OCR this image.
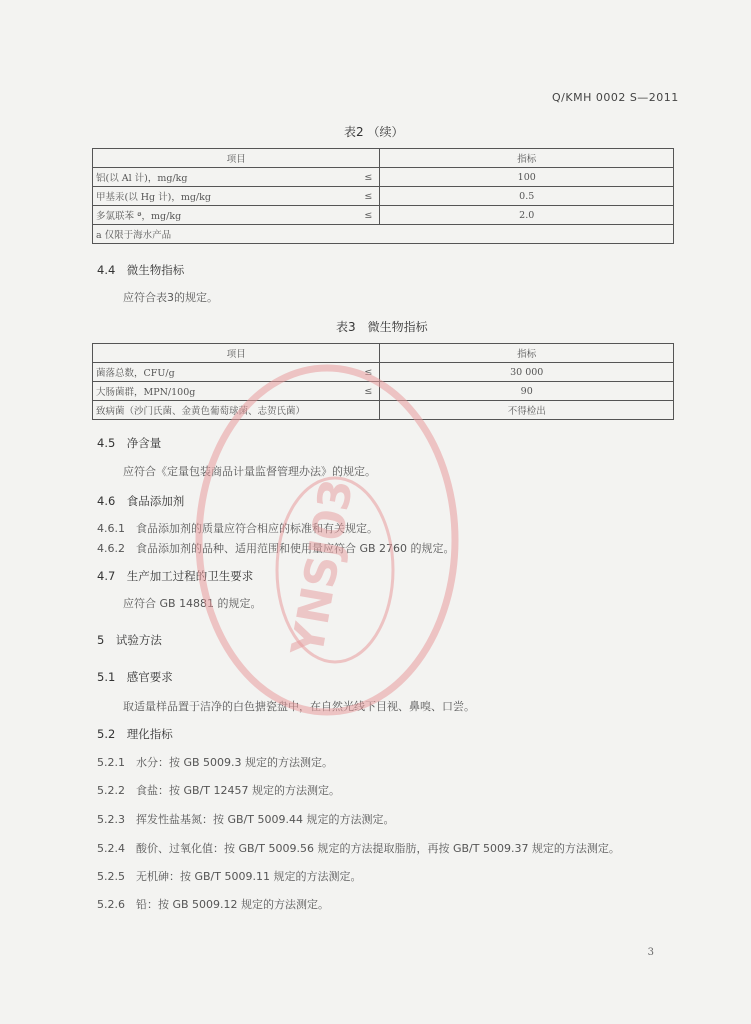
Q/KMH 0002 S—2011
表2 （续）
项目		指标
铝(以 Al 计)，mg/kg	≤	100
甲基汞(以 Hg 计)，mg/kg	≤	0.5
多氯联苯 ª，mg/kg	≤	2.0
a 仅限于海水产品		
4.4　微生物指标
应符合表3的规定。
表3　微生物指标
项目		指标
菌落总数，CFU/g	≤	30 000
大肠菌群，MPN/100g	≤	90
致病菌（沙门氏菌、金黄色葡萄球菌、志贺氏菌）		不得检出
4.5　净含量
应符合《定量包装商品计量监督管理办法》的规定。
4.6　食品添加剂
4.6.1　食品添加剂的质量应符合相应的标准和有关规定。
4.6.2　食品添加剂的品种、适用范围和使用量应符合 GB 2760 的规定。
4.7　生产加工过程的卫生要求
应符合 GB 14881 的规定。
5　试验方法
5.1　感官要求
取适量样品置于洁净的白色搪瓷盘中，在自然光线下目视、鼻嗅、口尝。
5.2　理化指标
5.2.1　水分：按 GB 5009.3 规定的方法测定。
5.2.2　食盐：按 GB/T 12457 规定的方法测定。
5.2.3　挥发性盐基氮：按 GB/T 5009.44 规定的方法测定。
5.2.4　酸价、过氧化值：按 GB/T 5009.56 规定的方法提取脂肪，再按 GB/T 5009.37 规定的方法测定。
5.2.5　无机砷：按 GB/T 5009.11 规定的方法测定。
5.2.6　铅：按 GB 5009.12 规定的方法测定。
YNSJ03
3
